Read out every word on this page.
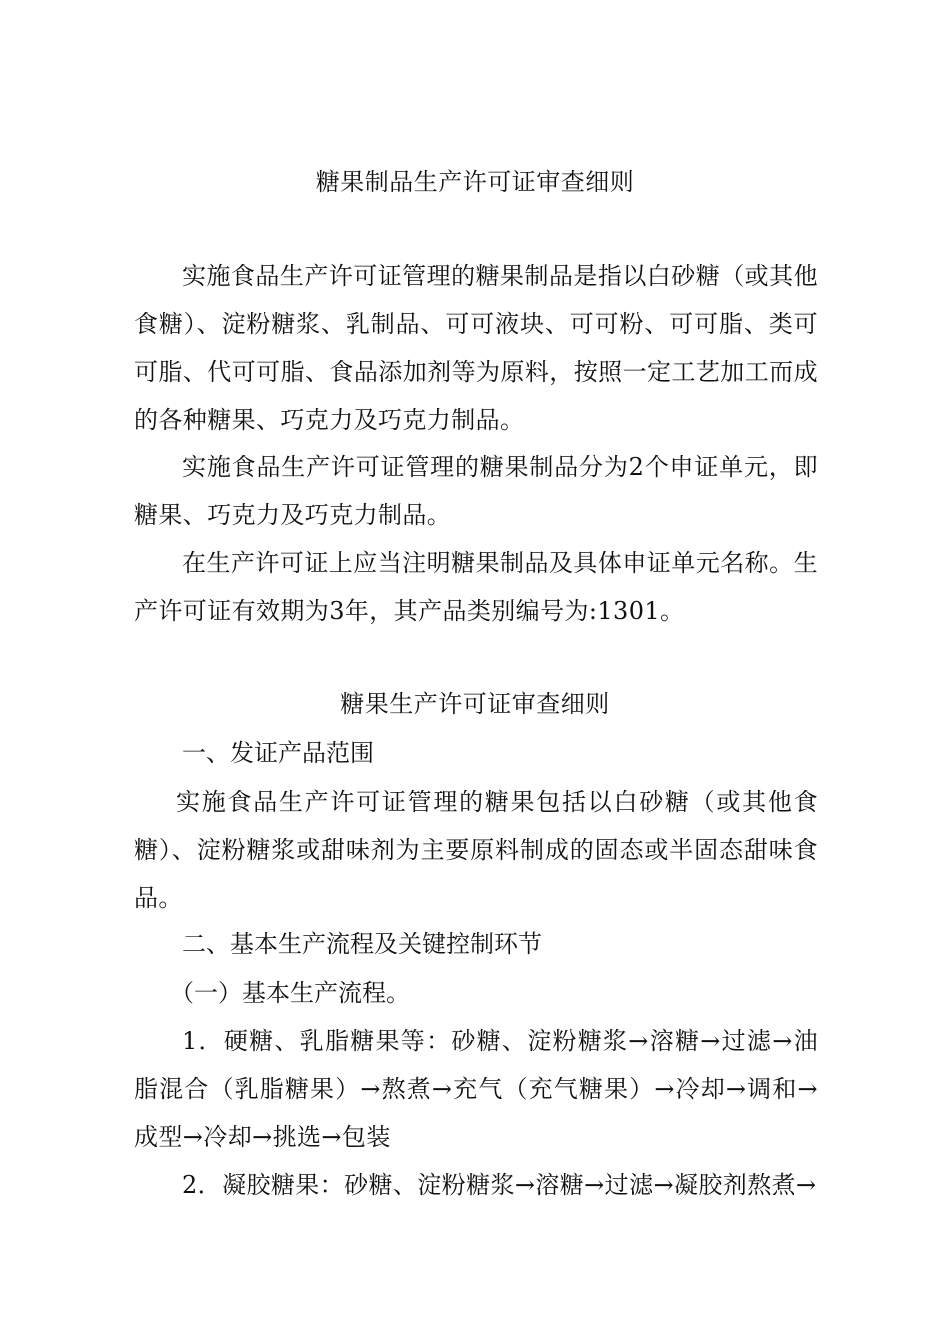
糖果制品生产许可证审查细则

实施食品生产许可证管理的糖果制品是指以白砂糖（或其他食糖）、淀粉糖浆、乳制品、可可液块、可可粉、可可脂、类可可脂、代可可脂、食品添加剂等为原料，按照一定工艺加工而成的各种糖果、巧克力及巧克力制品。

实施食品生产许可证管理的糖果制品分为2个申证单元，即糖果、巧克力及巧克力制品。

在生产许可证上应当注明糖果制品及具体申证单元名称。生产许可证有效期为3年，其产品类别编号为:1301。

糖果生产许可证审查细则

一、发证产品范围

实施食品生产许可证管理的糖果包括以白砂糖（或其他食糖）、淀粉糖浆或甜味剂为主要原料制成的固态或半固态甜味食品。

二、基本生产流程及关键控制环节

（一）基本生产流程。

1．硬糖、乳脂糖果等：砂糖、淀粉糖浆→溶糖→过滤→油脂混合（乳脂糖果）→熬煮→充气（充气糖果）→冷却→调和→成型→冷却→挑选→包装

2．凝胶糖果：砂糖、淀粉糖浆→溶糖→过滤→凝胶剂熬煮→
